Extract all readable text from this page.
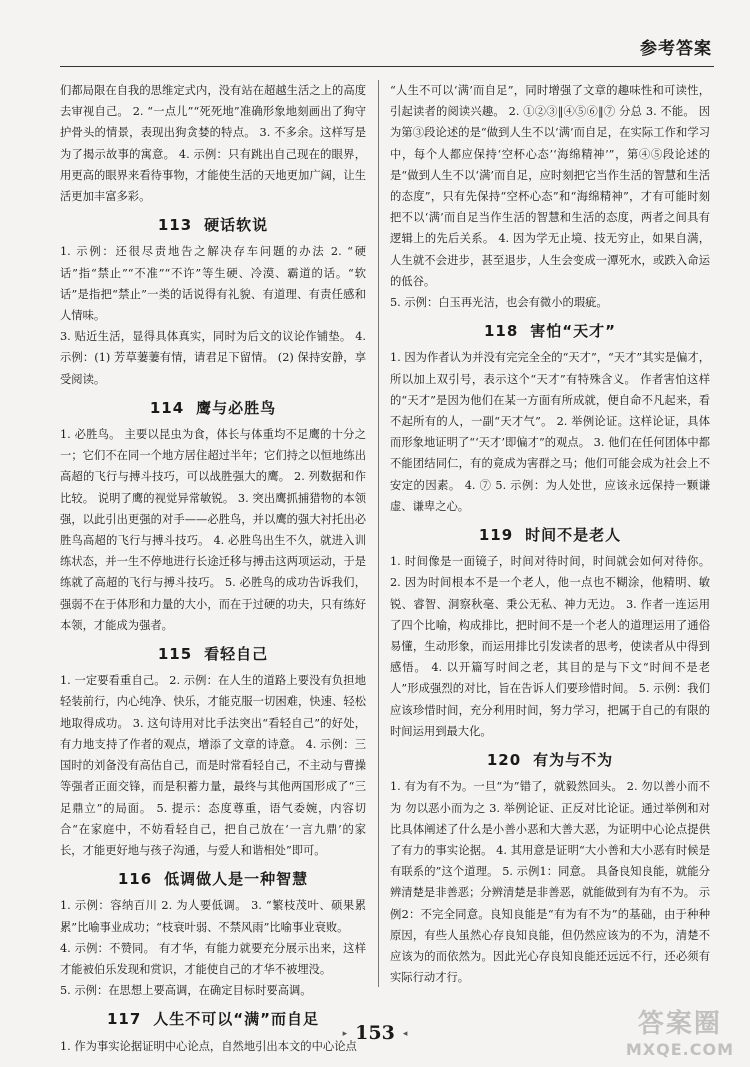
参考答案

们都局限在自我的思维定式内，没有站在超越生活之上的高度去审视自己。 2. “一点儿”“死死地”准确形象地刻画出了狗守护骨头的情景，表现出狗贪婪的特点。 3. 不多余。这样写是为了揭示故事的寓意。 4. 示例：只有跳出自己现在的眼界，用更高的眼界来看待事物，才能使生活的天地更加广阔，让生活更加丰富多彩。

113 硬话软说

1. 示例：还很尽责地告之解决存车问题的办法 2. “硬话”指“禁止”“不准”“不许”等生硬、冷漠、霸道的话。“软话”是指把“禁止”一类的话说得有礼貌、有道理、有责任感和人情味。

3. 贴近生活，显得具体真实，同时为后文的议论作铺垫。 4. 示例：(1) 芳草萋萋有情，请君足下留情。 (2) 保持安静，享受阅读。

114 鹰与必胜鸟

1. 必胜鸟。 主要以昆虫为食，体长与体重均不足鹰的十分之一；它们不在同一个地方居住超过半年；它们持之以恒地练出高超的飞行与搏斗技巧，可以战胜强大的鹰。 2. 列数据和作比较。 说明了鹰的视觉异常敏锐。 3. 突出鹰抓捕猎物的本领强，以此引出更强的对手——必胜鸟，并以鹰的强大衬托出必胜鸟高超的飞行与搏斗技巧。 4. 必胜鸟出生不久，就进入训练状态，并一生不停地进行长途迁移与搏击这两项运动，于是练就了高超的飞行与搏斗技巧。 5. 必胜鸟的成功告诉我们，强弱不在于体形和力量的大小，而在于过硬的功夫，只有练好本领，才能成为强者。

115 看轻自己

1. 一定要看重自己。 2. 示例：在人生的道路上要没有负担地轻装前行，内心纯净、快乐，才能克服一切困难，快速、轻松地取得成功。 3. 这句诗用对比手法突出“看轻自己”的好处，有力地支持了作者的观点，增添了文章的诗意。 4. 示例：三国时的刘备没有高估自己，而是时常看轻自己，不主动与曹操等强者正面交锋，而是积蓄力量，最终与其他两国形成了“三足鼎立”的局面。 5. 提示：态度尊重，语气委婉，内容切合“在家庭中，不妨看轻自己，把自己放在‘一言九鼎’的家长，才能更好地与孩子沟通，与爱人和谐相处”即可。

116 低调做人是一种智慧

1. 示例：容纳百川 2. 为人要低调。 3. “繁枝茂叶、硕果累累”比喻事业成功；“枝衰叶弱、不禁风雨”比喻事业衰败。

4. 示例：不赞同。 有才华，有能力就要充分展示出来，这样才能被伯乐发现和赏识，才能使自己的才华不被埋没。

5. 示例：在思想上要高调，在确定目标时要高调。

117 人生不可以“满”而自足

1. 作为事实论据证明中心论点，自然地引出本文的中心论点

“人生不可以‘满’而自足”，同时增强了文章的趣味性和可读性，引起读者的阅读兴趣。 2. ①②③‖④⑤⑥‖⑦ 分总 3. 不能。 因为第③段论述的是“做到人生不以‘满’而自足，在实际工作和学习中，每个人都应保持‘空杯心态’‘海绵精神’”，第④⑤段论述的是“做到人生不以‘满’而自足，应时刻把它当作生活的智慧和生活的态度”，只有先保持“空杯心态”和“海绵精神”，才有可能时刻把不以‘满’而自足当作生活的智慧和生活的态度，两者之间具有逻辑上的先后关系。 4. 因为学无止境、技无穷止，如果自满，人生就不会进步，甚至退步，人生会变成一潭死水，或跌入命运的低谷。

5. 示例：白玉再光洁，也会有微小的瑕疵。

118 害怕“天才”

1. 因为作者认为并没有完完全全的“天才”，“天才”其实是偏才，所以加上双引号，表示这个“天才”有特殊含义。 作者害怕这样的“天才”是因为他们在某一方面有所成就，便自命不凡起来，看不起所有的人，一副“天才气”。 2. 举例论证。这样论证，具体而形象地证明了“‘天才’即偏才”的观点。 3. 他们在任何团体中都不能团结同仁，有的竟成为害群之马；他们可能会成为社会上不安定的因素。 4. ⑦ 5. 示例：为人处世，应该永远保持一颗谦虚、谦卑之心。

119 时间不是老人

1. 时间像是一面镜子，时间对待时间，时间就会如何对待你。 2. 因为时间根本不是一个老人，他一点也不糊涂，他精明、敏锐、睿智、洞察秋毫、秉公无私、神力无边。 3. 作者一连运用了四个比喻，构成排比，把时间不是一个老人的道理运用了通俗易懂，生动形象，而运用排比引发读者的思考，使读者从中得到感悟。 4. 以开篇写时间之老，其目的是与下文“时间不是老人”形成强烈的对比，旨在告诉人们要珍惜时间。 5. 示例：我们应该珍惜时间，充分利用时间，努力学习，把属于自己的有限的时间运用到最大化。

120 有为与不为

1. 有为有不为。一旦“为”错了，就毅然回头。 2. 勿以善小而不为 勿以恶小而为之 3. 举例论证、正反对比论证。通过举例和对比具体阐述了什么是小善小恶和大善大恶，为证明中心论点提供了有力的事实论据。 4. 其用意是证明“大小善和大小恶有时候是有联系的”这个道理。 5. 示例1：同意。 具备良知良能，就能分辨清楚是非善恶；分辨清楚是非善恶，就能做到有为有不为。 示例2：不完全同意。良知良能是“有为有不为”的基础，由于种种原因，有些人虽然心存良知良能，但仍然应该为的不为，清楚不应该为的而依然为。因此光心存良知良能还远远不行，还必须有实际行动才行。

▸ 153 ◂	答案圈
MXQE.COM
